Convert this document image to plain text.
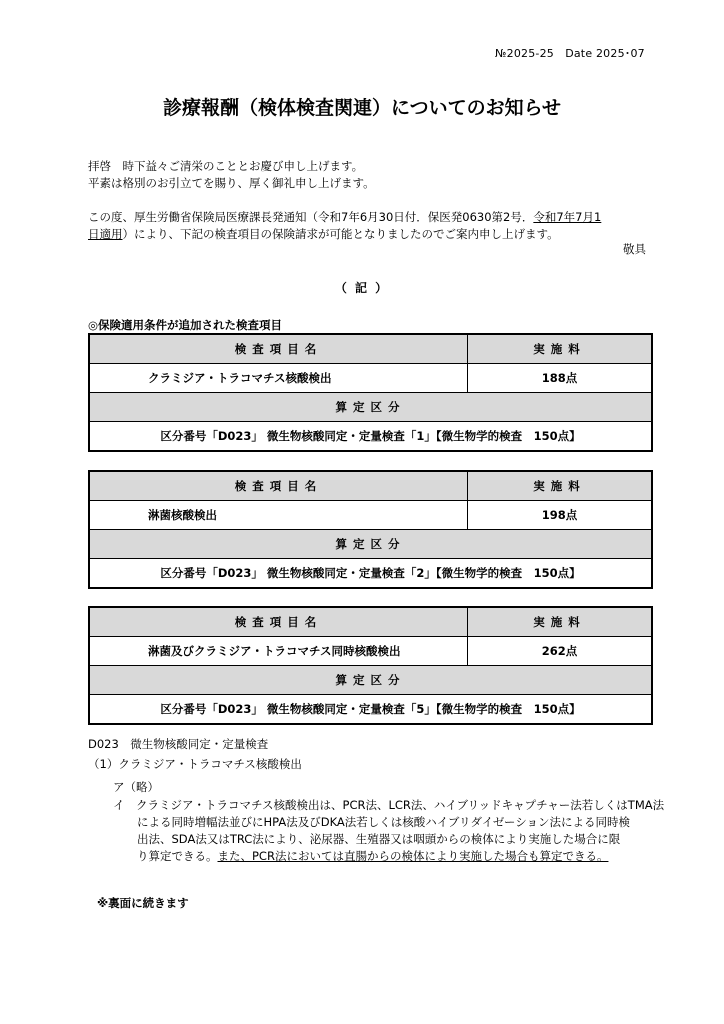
№2025-25　Date 2025･07
診療報酬（検体検査関連）についてのお知らせ
拝啓　時下益々ご清栄のこととお慶び申し上げます。
平素は格別のお引立てを賜り、厚く御礼申し上げます。
この度、厚生労働省保険局医療課長発通知（令和7年6月30日付．保医発0630第2号．令和7年7月1
日適用）により、下記の検査項目の保険請求が可能となりましたのでご案内申し上げます。
敬具
（ 記 ）
◎保険適用条件が追加された検査項目
検査項目名	実施料
クラミジア・トラコマチス核酸検出	188点
算定区分	
区分番号「D023」 微生物核酸同定・定量検査「1」【微生物学的検査　150点】	
検査項目名	実施料
淋菌核酸検出	198点
算定区分	
区分番号「D023」 微生物核酸同定・定量検査「2」【微生物学的検査　150点】	
検査項目名	実施料
淋菌及びクラミジア・トラコマチス同時核酸検出	262点
算定区分	
区分番号「D023」 微生物核酸同定・定量検査「5」【微生物学的検査　150点】	
D023　微生物核酸同定・定量検査
（1）クラミジア・トラコマチス核酸検出
ア（略）
イ　クラミジア・トラコマチス核酸検出は、PCR法、LCR法、ハイブリッドキャプチャー法若しくはTMA法
による同時増幅法並びにHPA法及びDKA法若しくは核酸ハイブリダイゼーション法による同時検
出法、SDA法又はTRC法により、泌尿器、生殖器又は咽頭からの検体により実施した場合に限
り算定できる。また、PCR法においては直腸からの検体により実施した場合も算定できる。
※裏面に続きます
